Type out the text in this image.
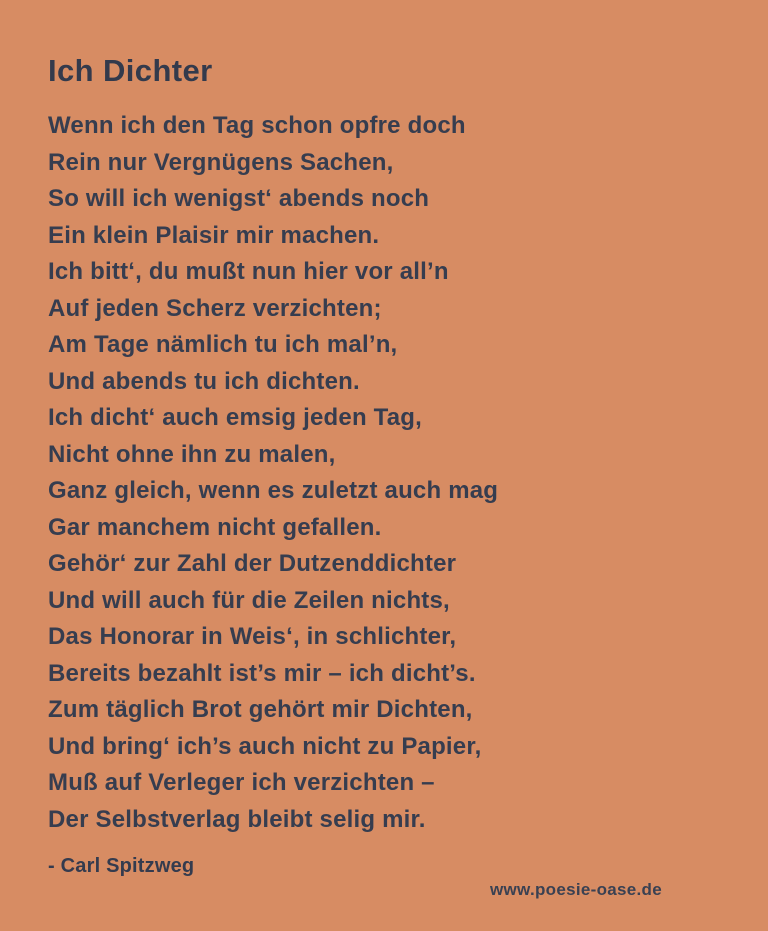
Ich Dichter
Wenn ich den Tag schon opfre doch
Rein nur Vergnügens Sachen,
So will ich wenigst‘ abends noch
Ein klein Plaisir mir machen.
Ich bitt‘, du mußt nun hier vor all’n
Auf jeden Scherz verzichten;
Am Tage nämlich tu ich mal’n,
Und abends tu ich dichten.
Ich dicht‘ auch emsig jeden Tag,
Nicht ohne ihn zu malen,
Ganz gleich, wenn es zuletzt auch mag
Gar manchem nicht gefallen.
Gehör‘ zur Zahl der Dutzenddichter
Und will auch für die Zeilen nichts,
Das Honorar in Weis‘, in schlichter,
Bereits bezahlt ist’s mir – ich dicht’s.
Zum täglich Brot gehört mir Dichten,
Und bring‘ ich’s auch nicht zu Papier,
Muß auf Verleger ich verzichten –
Der Selbstverlag bleibt selig mir.
- Carl Spitzweg
www.poesie-oase.de
